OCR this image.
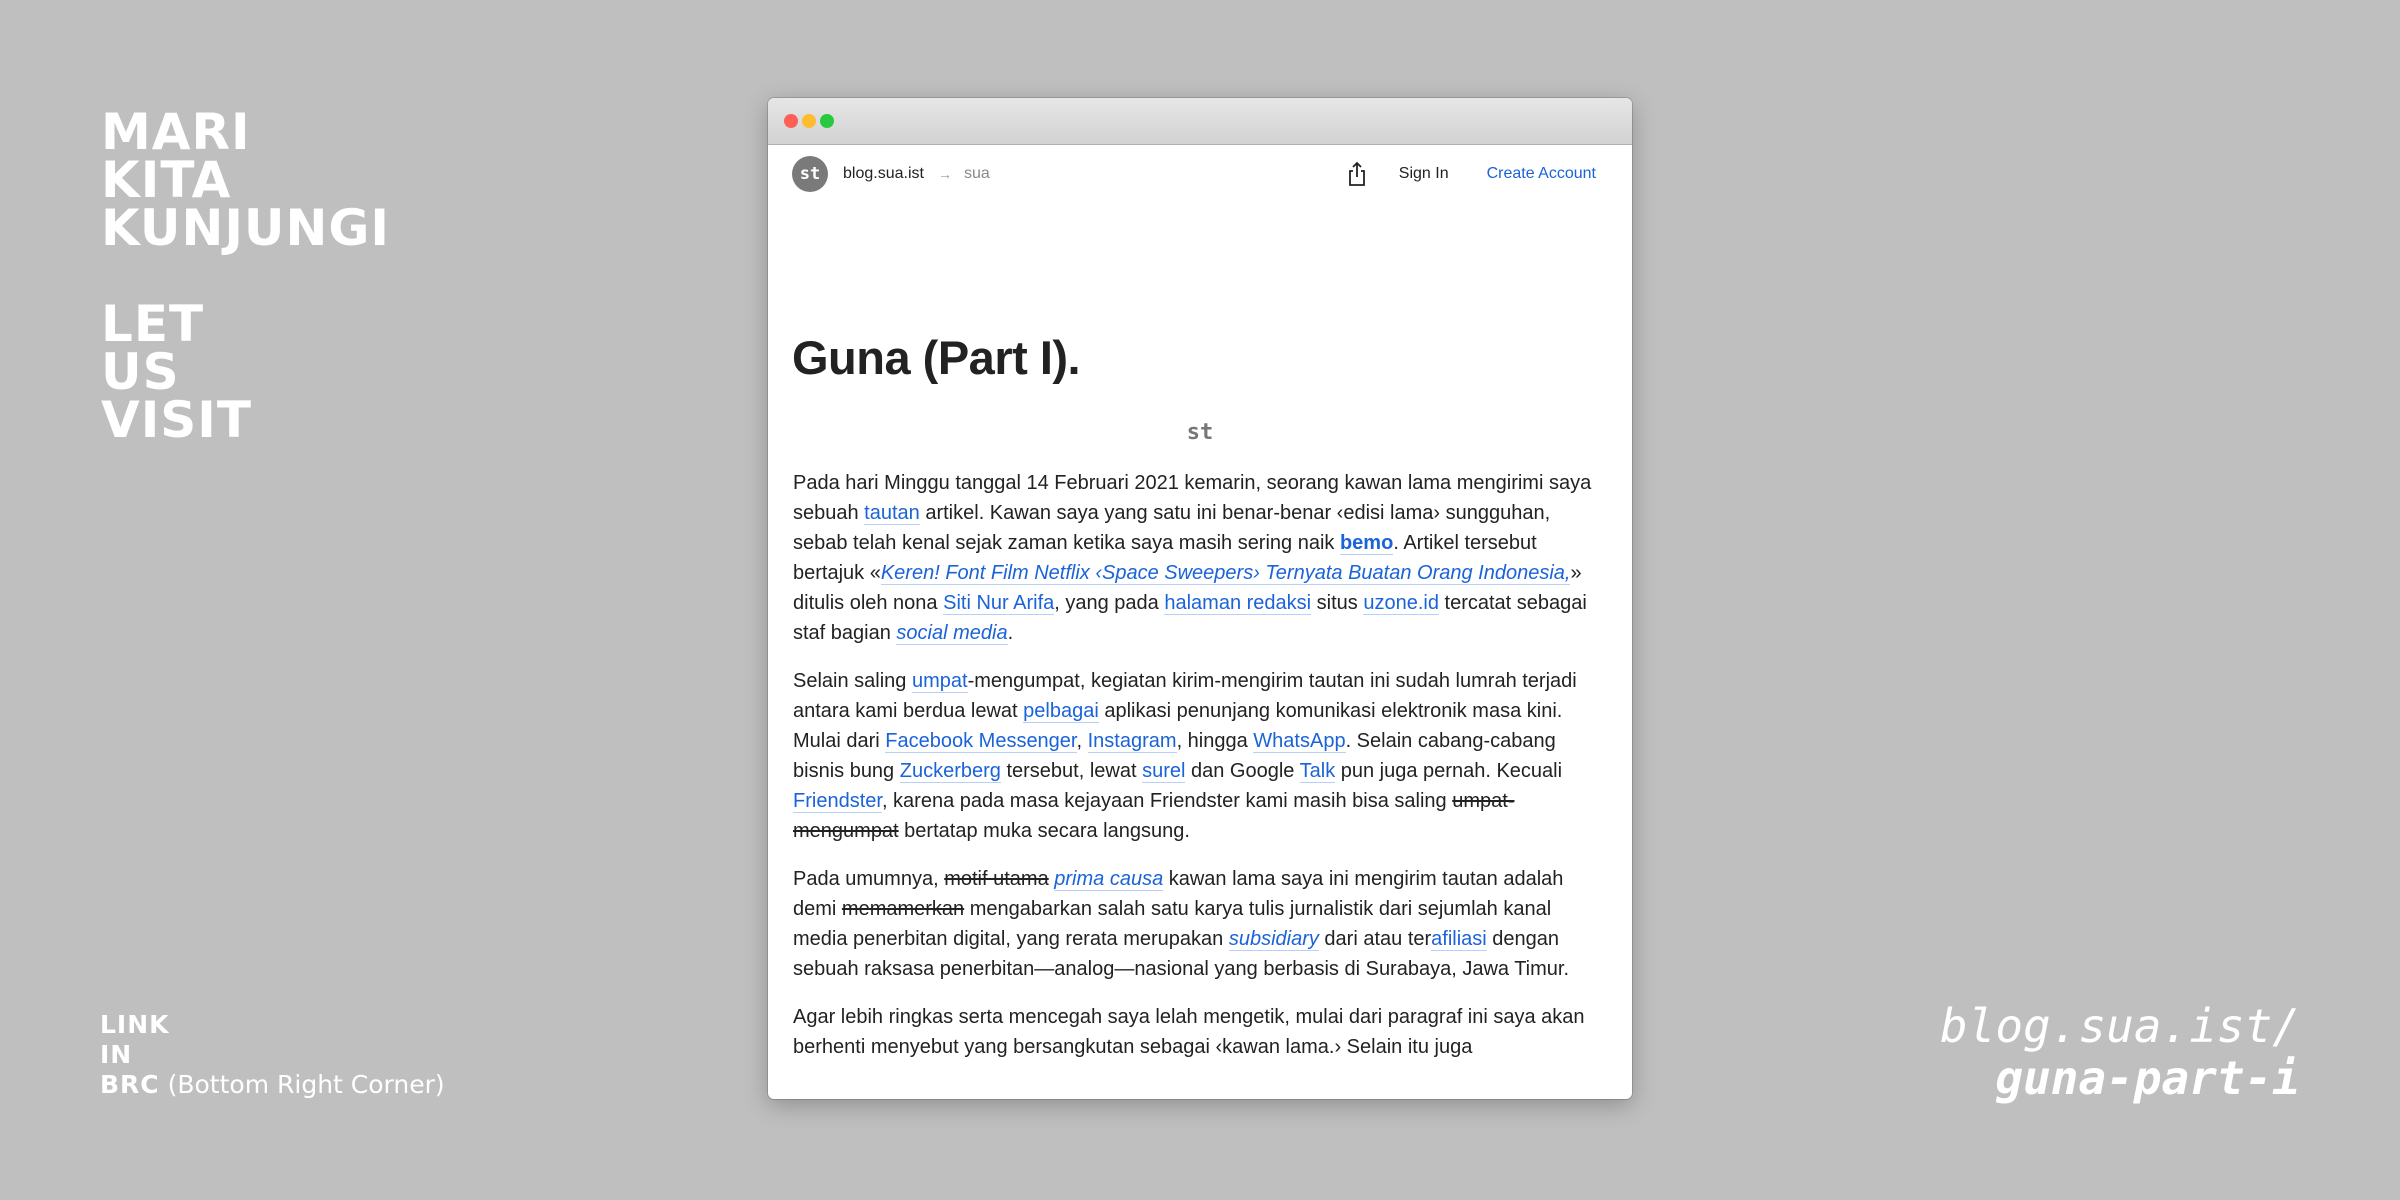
MARI
KITA
KUNJUNGI
LET
US
VISIT
LINK
IN
BRC (Bottom Right Corner)
blog.sua.ist/
guna-part-i
st	blog.sua.ist → sua	Sign In Create Account
Guna (Part I).
st

Pada hari Minggu tanggal 14 Februari 2021 kemarin, seorang kawan lama mengirimi saya sebuah tautan artikel. Kawan saya yang satu ini benar-benar ‹edisi lama› sungguhan, sebab telah kenal sejak zaman ketika saya masih sering naik bemo. Artikel tersebut bertajuk «Keren! Font Film Netflix ‹Space Sweepers› Ternyata Buatan Orang Indonesia,» ditulis oleh nona Siti Nur Arifa, yang pada halaman redaksi situs uzone.id tercatat sebagai staf bagian social media.

Selain saling umpat-mengumpat, kegiatan kirim-mengirim tautan ini sudah lumrah terjadi antara kami berdua lewat pelbagai aplikasi penunjang komunikasi elektronik masa kini. Mulai dari Facebook Messenger, Instagram, hingga WhatsApp. Selain cabang-cabang bisnis bung Zuckerberg tersebut, lewat surel dan Google Talk pun juga pernah. Kecuali Friendster, karena pada masa kejayaan Friendster kami masih bisa saling umpat-mengumpat bertatap muka secara langsung.

Pada umumnya, motif utama prima causa kawan lama saya ini mengirim tautan adalah demi memamerkan mengabarkan salah satu karya tulis jurnalistik dari sejumlah kanal media penerbitan digital, yang rerata merupakan subsidiary dari atau terafiliasi dengan sebuah raksasa penerbitan—analog—nasional yang berbasis di Surabaya, Jawa Timur.

Agar lebih ringkas serta mencegah saya lelah mengetik, mulai dari paragraf ini saya akan berhenti menyebut yang bersangkutan sebagai ‹kawan lama.› Selain itu juga
